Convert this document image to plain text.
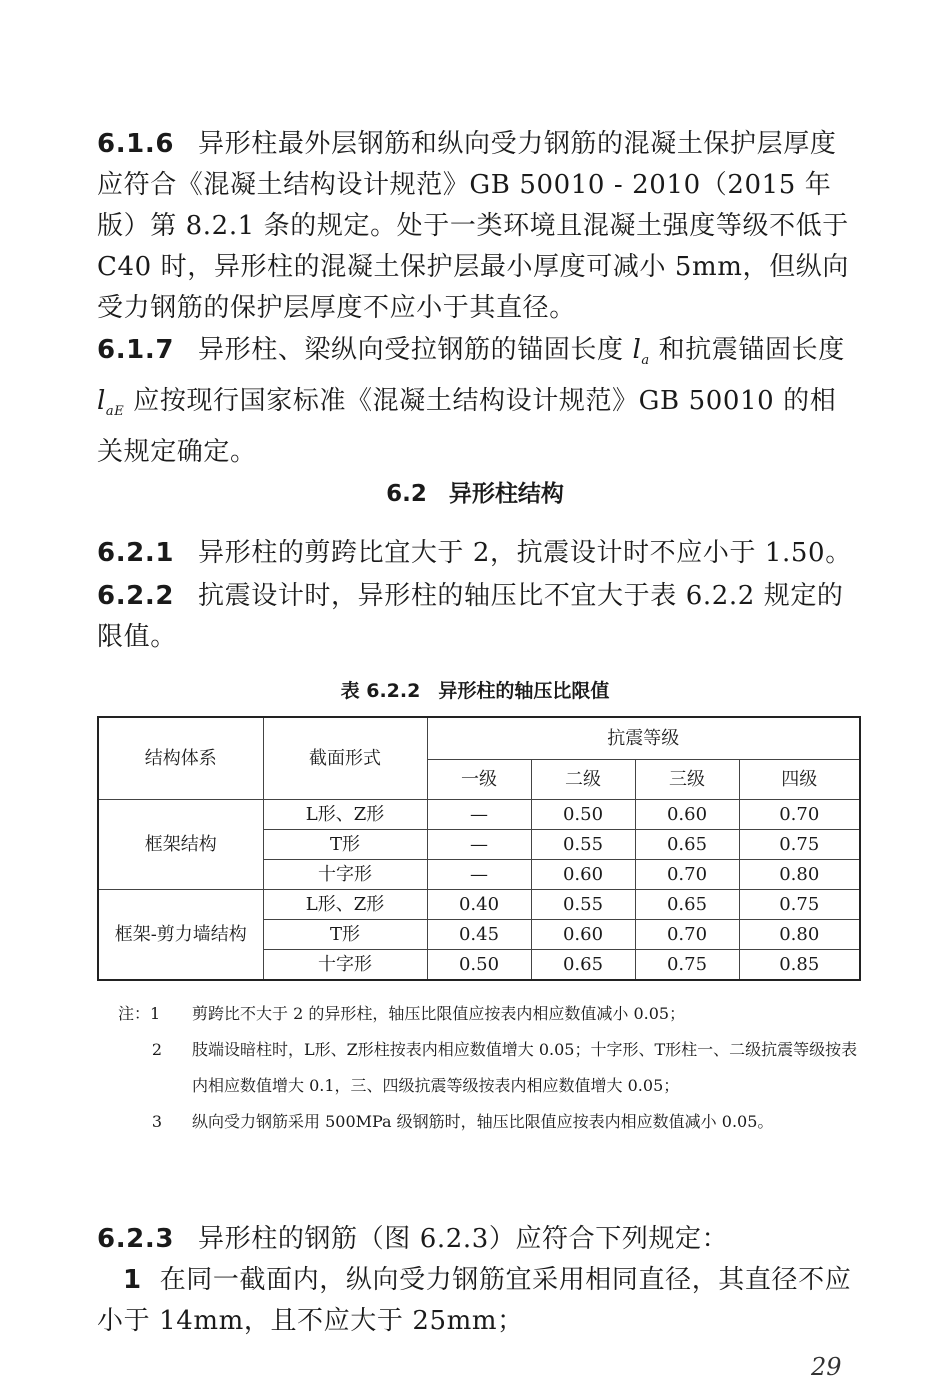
6.1.6 异形柱最外层钢筋和纵向受力钢筋的混凝土保护层厚度应符合《混凝土结构设计规范》GB 50010 - 2010（2015 年版）第 8.2.1 条的规定。处于一类环境且混凝土强度等级不低于 C40 时，异形柱的混凝土保护层最小厚度可减小 5mm，但纵向受力钢筋的保护层厚度不应小于其直径。

6.1.7 异形柱、梁纵向受拉钢筋的锚固长度 $l_a$ 和抗震锚固长度 $l_{aE}$ 应按现行国家标准《混凝土结构设计规范》GB 50010 的相关规定确定。

6.2 异形柱结构

6.2.1 异形柱的剪跨比宜大于 2，抗震设计时不应小于 1.50。

6.2.2 抗震设计时，异形柱的轴压比不宜大于表 6.2.2 规定的限值。

表 6.2.2 异形柱的轴压比限值
结构体系	截面形式	抗震等级			
		一级	二级	三级	四级
框架结构	L形、Z形	—	0.50	0.60	0.70
	T形	—	0.55	0.65	0.75
	十字形	—	0.60	0.70	0.80
框架-剪力墙结构	L形、Z形	0.40	0.55	0.65	0.75
	T形	0.45	0.60	0.70	0.80
	十字形	0.50	0.65	0.75	0.85
注：1	剪跨比不大于 2 的异形柱，轴压比限值应按表内相应数值减小 0.05；
2	肢端设暗柱时，L形、Z形柱按表内相应数值增大 0.05；十字形、T形柱一、二级抗震等级按表内相应数值增大 0.1，三、四级抗震等级按表内相应数值增大 0.05；
3	纵向受力钢筋采用 500MPa 级钢筋时，轴压比限值应按表内相应数值减小 0.05。

6.2.3 异形柱的钢筋（图 6.2.3）应符合下列规定：

1 在同一截面内，纵向受力钢筋宜采用相同直径，其直径不应小于 14mm，且不应大于 25mm；

29
